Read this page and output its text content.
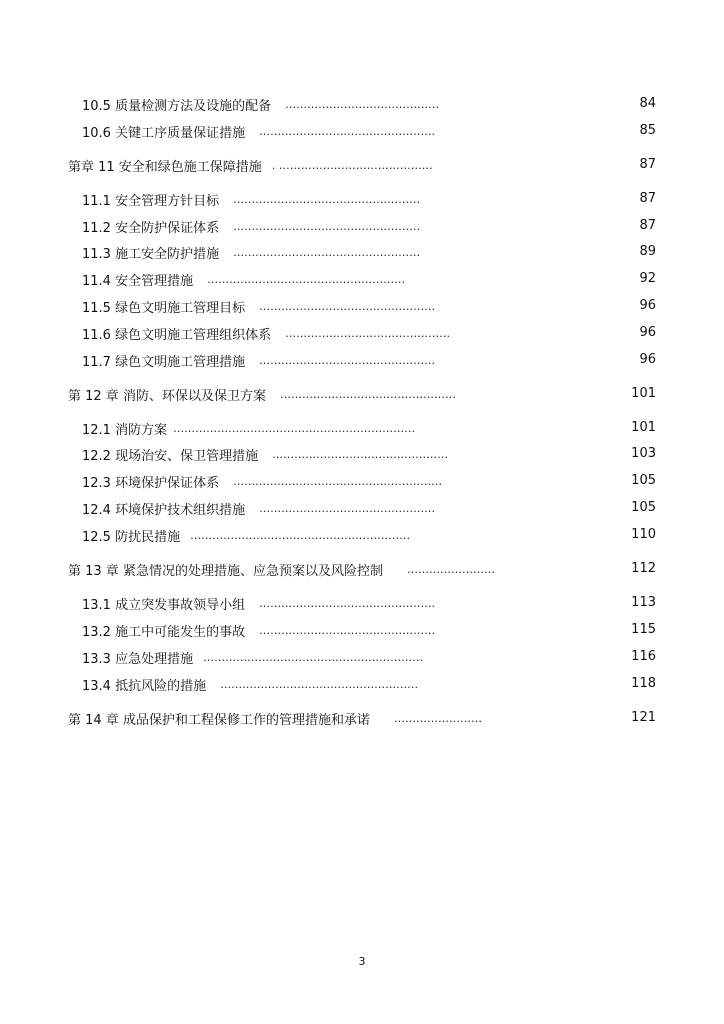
10.5 质量检测方法及设施的配备 ……………………………………	84
10.6 关键工序质量保证措施 …………………………………………	85
第章 11 安全和绿色施工保障措施 . ……………………………………	87
11.1 安全管理方针目标 ……………………………………………	87
11.2 安全防护保证体系 ……………………………………………	87
11.3 施工安全防护措施 ……………………………………………	89
11.4 安全管理措施 ………………………………………………	92
11.5 绿色文明施工管理目标 …………………………………………	96
11.6 绿色文明施工管理组织体系 ………………………………………	96
11.7 绿色文明施工管理措施 …………………………………………	96
第 12 章 消防、环保以及保卫方案 …………………………………………	101
12.1 消防方案 …………………………………………………………	101
12.2 现场治安、保卫管理措施 …………………………………………	103
12.3 环境保护保证体系 …………………………………………………	105
12.4 环境保护技术组织措施 …………………………………………	105
12.5 防扰民措施 ……………………………………………………	110
第 13 章 紧急情况的处理措施、应急预案以及风险控制 ……………………	112
13.1 成立突发事故领导小组 …………………………………………	113
13.2 施工中可能发生的事故 …………………………………………	115
13.3 应急处理措施 ……………………………………………………	116
13.4 抵抗风险的措施 ………………………………………………	118
第 14 章 成品保护和工程保修工作的管理措施和承诺 ……………………	121
3
